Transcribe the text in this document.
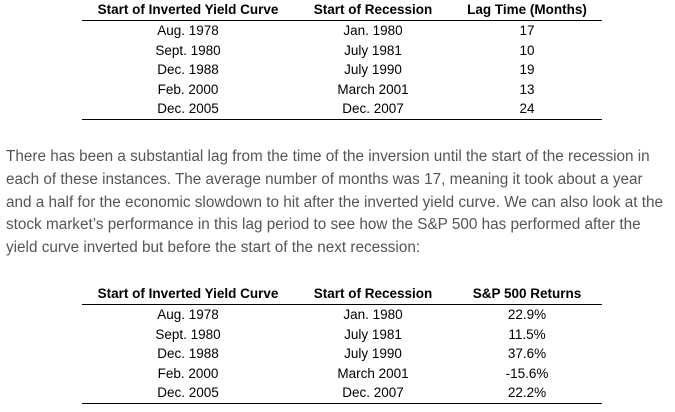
Start of Inverted Yield Curve	Start of Recession	Lag Time (Months)
Aug. 1978	Jan. 1980	17
Sept. 1980	July 1981	10
Dec. 1988	July 1990	19
Feb. 2000	March 2001	13
Dec. 2005	Dec. 2007	24

There has been a substantial lag from the time of the inversion until the start of the recession in each of these instances. The average number of months was 17, meaning it took about a year and a half for the economic slowdown to hit after the inverted yield curve. We can also look at the stock market’s performance in this lag period to see how the S&P 500 has performed after the yield curve inverted but before the start of the next recession:

Start of Inverted Yield Curve	Start of Recession	S&P 500 Returns
Aug. 1978	Jan. 1980	22.9%
Sept. 1980	July 1981	11.5%
Dec. 1988	July 1990	37.6%
Feb. 2000	March 2001	-15.6%
Dec. 2005	Dec. 2007	22.2%
